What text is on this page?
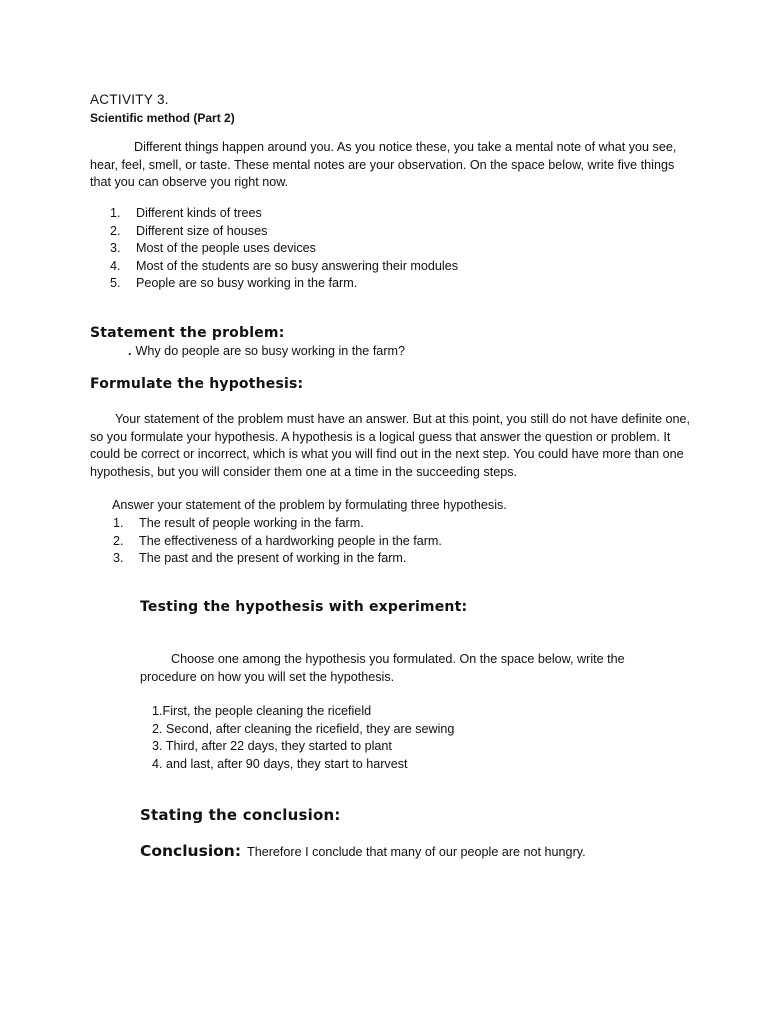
ACTIVITY 3.
Scientific method (Part 2)
Different things happen around you. As you notice these, you take a mental note of what you see, hear, feel, smell, or taste. These mental notes are your observation. On the space below, write five things that you can observe you right now.
1. Different kinds of trees
2. Different size of houses
3. Most of the people uses devices
4. Most of the students are so busy answering their modules
5. People are so busy working in the farm.
Statement the problem:
. Why do people are so busy working in the farm?
Formulate the hypothesis:
Your statement of the problem must have an answer. But at this point, you still do not have definite one, so you formulate your hypothesis. A hypothesis is a logical guess that answer the question or problem. It could be correct or incorrect, which is what you will find out in the next step. You could have more than one hypothesis, but you will consider them one at a time in the succeeding steps.
Answer your statement of the problem by formulating three hypothesis.
1. The result of people working in the farm.
2. The effectiveness of a hardworking people in the farm.
3. The past and the present of working in the farm.
Testing the hypothesis with experiment:
Choose one among the hypothesis you formulated. On the space below, write the procedure on how you will set the hypothesis.
1.First, the people cleaning the ricefield
2. Second, after cleaning the ricefield, they are sewing
3. Third, after 22 days, they started to plant
4. and last, after 90 days, they start to harvest
Stating the conclusion:
Conclusion: Therefore I conclude that many of our people are not hungry.
